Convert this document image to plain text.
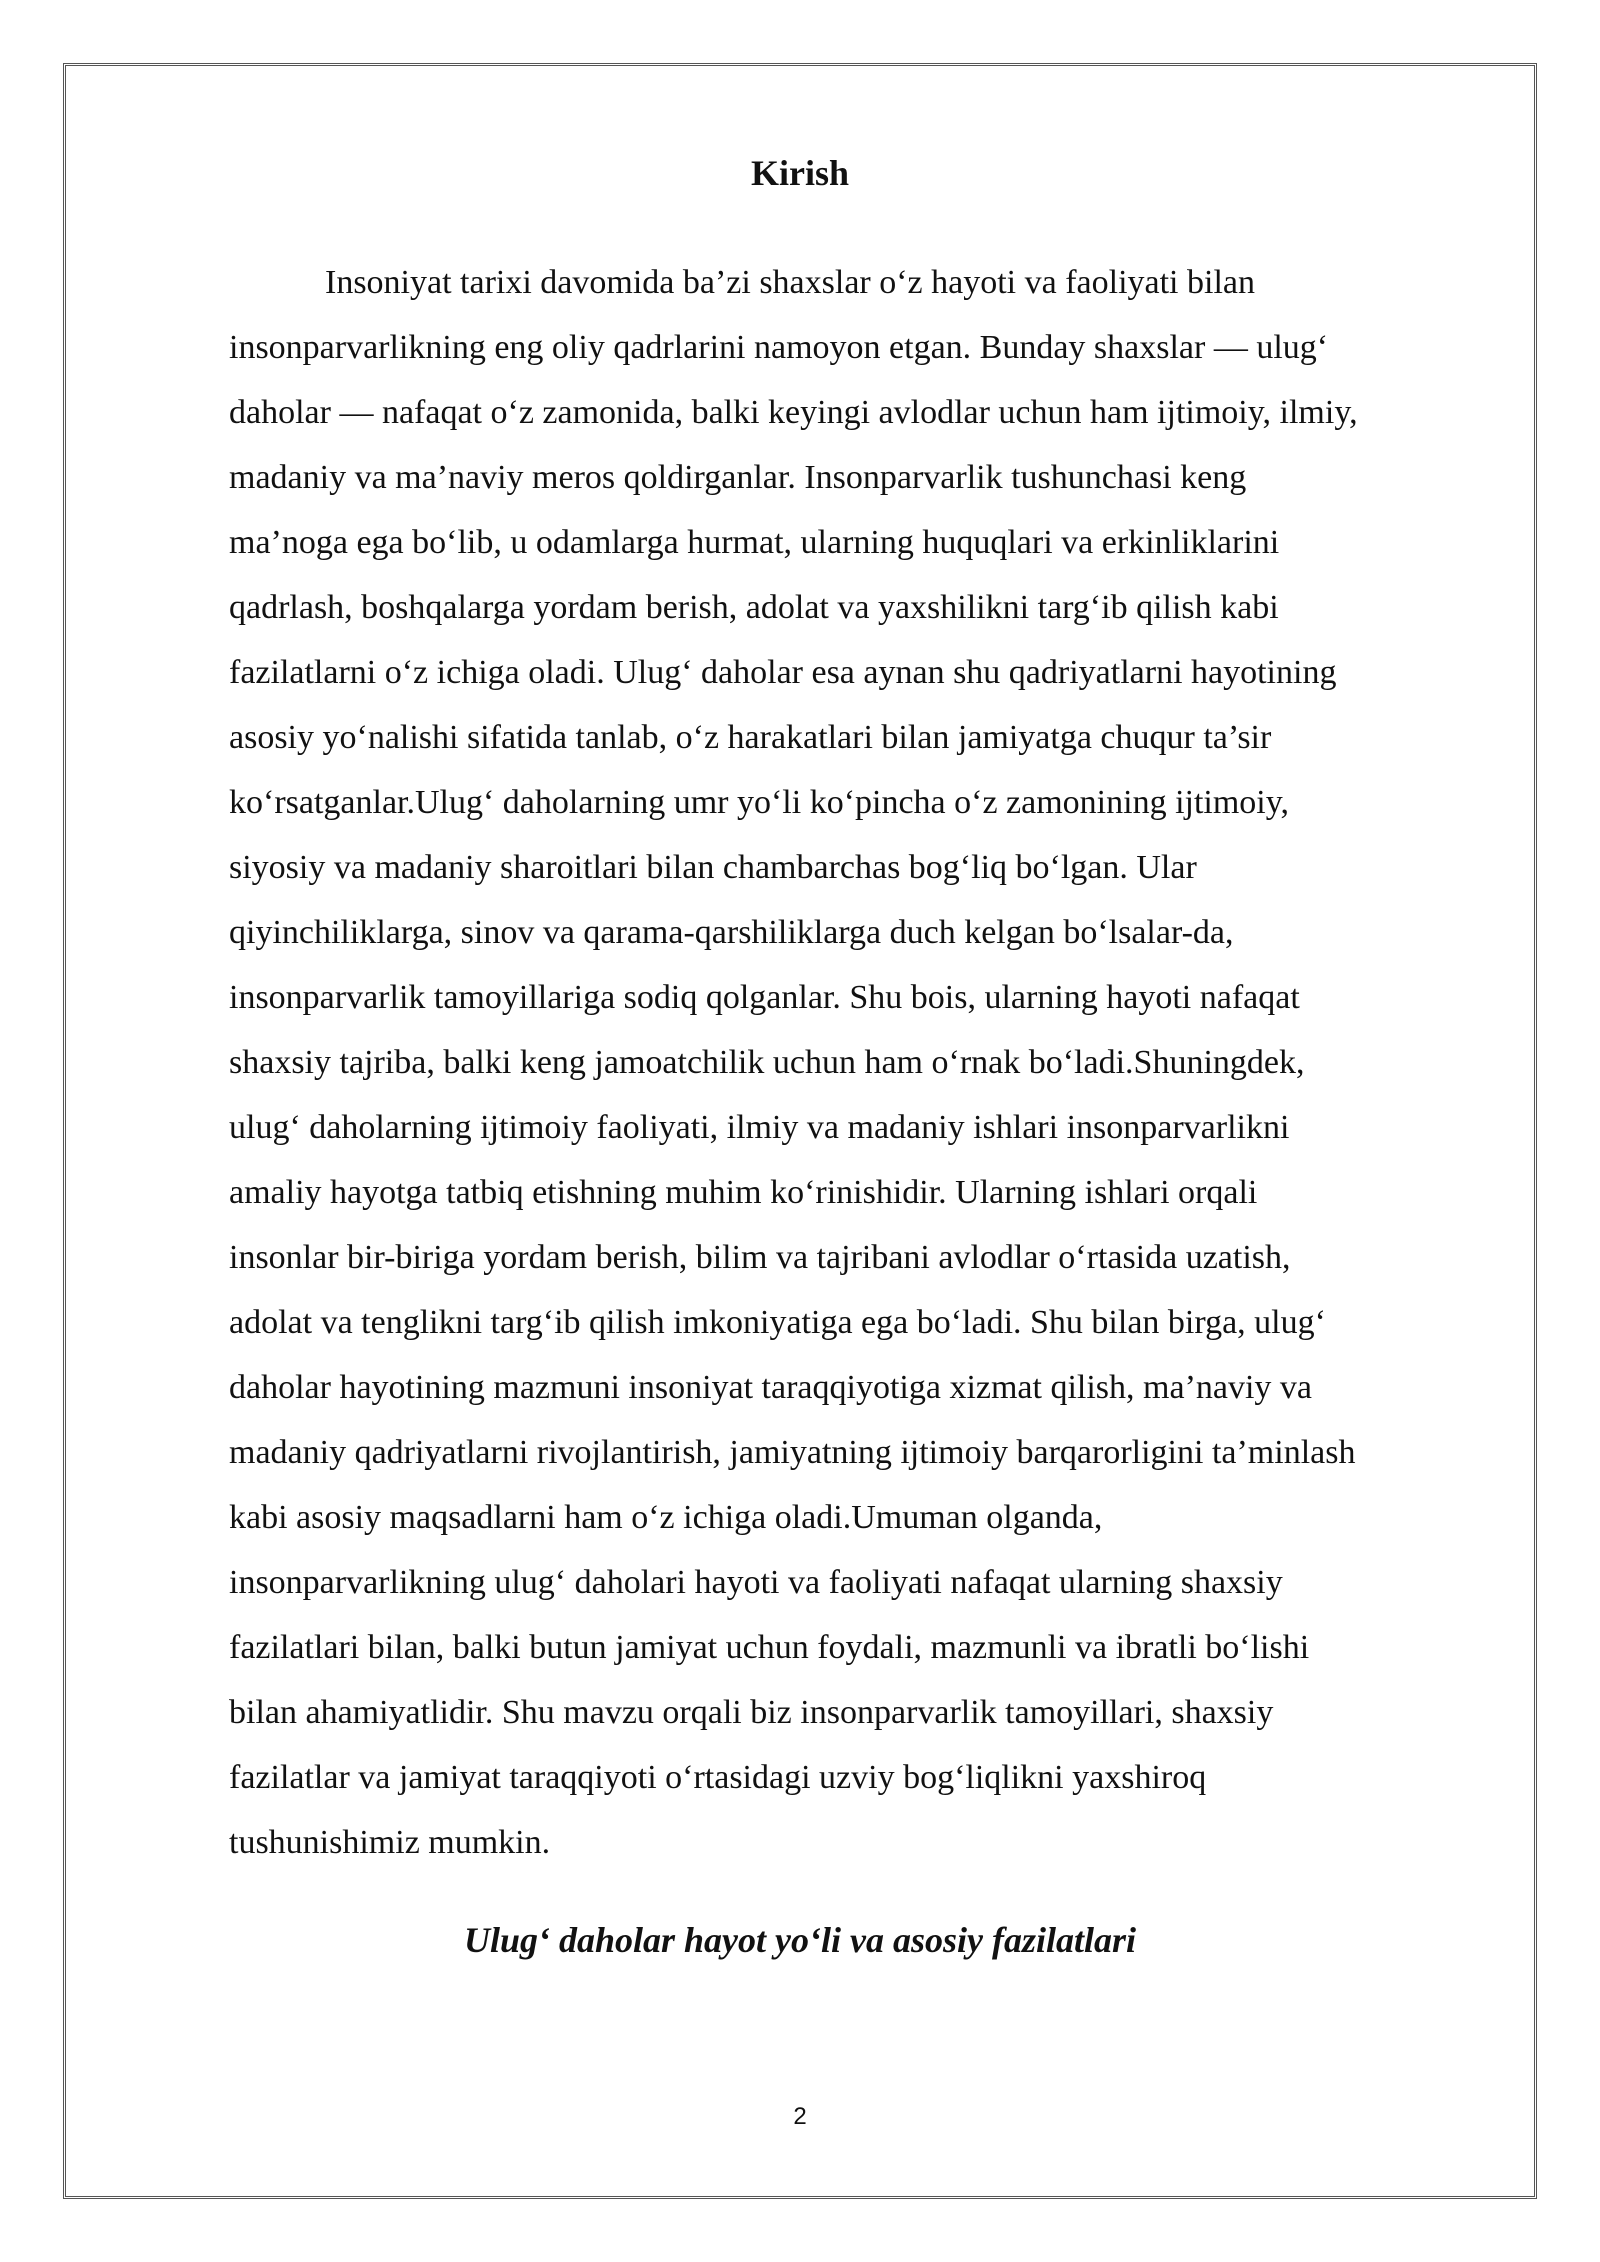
Kirish

Insoniyat tarixi davomida ba’zi shaxslar o‘z hayoti va faoliyati bilan
insonparvarlikning eng oliy qadrlarini namoyon etgan. Bunday shaxslar — ulug‘
daholar — nafaqat o‘z zamonida, balki keyingi avlodlar uchun ham ijtimoiy, ilmiy,
madaniy va ma’naviy meros qoldirganlar. Insonparvarlik tushunchasi keng
ma’noga ega bo‘lib, u odamlarga hurmat, ularning huquqlari va erkinliklarini
qadrlash, boshqalarga yordam berish, adolat va yaxshilikni targ‘ib qilish kabi
fazilatlarni o‘z ichiga oladi. Ulug‘ daholar esa aynan shu qadriyatlarni hayotining
asosiy yo‘nalishi sifatida tanlab, o‘z harakatlari bilan jamiyatga chuqur ta’sir
ko‘rsatganlar.Ulug‘ daholarning umr yo‘li ko‘pincha o‘z zamonining ijtimoiy,
siyosiy va madaniy sharoitlari bilan chambarchas bog‘liq bo‘lgan. Ular
qiyinchiliklarga, sinov va qarama-qarshiliklarga duch kelgan bo‘lsalar-da,
insonparvarlik tamoyillariga sodiq qolganlar. Shu bois, ularning hayoti nafaqat
shaxsiy tajriba, balki keng jamoatchilik uchun ham o‘rnak bo‘ladi.Shuningdek,
ulug‘ daholarning ijtimoiy faoliyati, ilmiy va madaniy ishlari insonparvarlikni
amaliy hayotga tatbiq etishning muhim ko‘rinishidir. Ularning ishlari orqali
insonlar bir-biriga yordam berish, bilim va tajribani avlodlar o‘rtasida uzatish,
adolat va tenglikni targ‘ib qilish imkoniyatiga ega bo‘ladi. Shu bilan birga, ulug‘
daholar hayotining mazmuni insoniyat taraqqiyotiga xizmat qilish, ma’naviy va
madaniy qadriyatlarni rivojlantirish, jamiyatning ijtimoiy barqarorligini ta’minlash
kabi asosiy maqsadlarni ham o‘z ichiga oladi.Umuman olganda,
insonparvarlikning ulug‘ daholari hayoti va faoliyati nafaqat ularning shaxsiy
fazilatlari bilan, balki butun jamiyat uchun foydali, mazmunli va ibratli bo‘lishi
bilan ahamiyatlidir. Shu mavzu orqali biz insonparvarlik tamoyillari, shaxsiy
fazilatlar va jamiyat taraqqiyoti o‘rtasidagi uzviy bog‘liqlikni yaxshiroq
tushunishimiz mumkin.

Ulug‘ daholar hayot yo‘li va asosiy fazilatlari
2
